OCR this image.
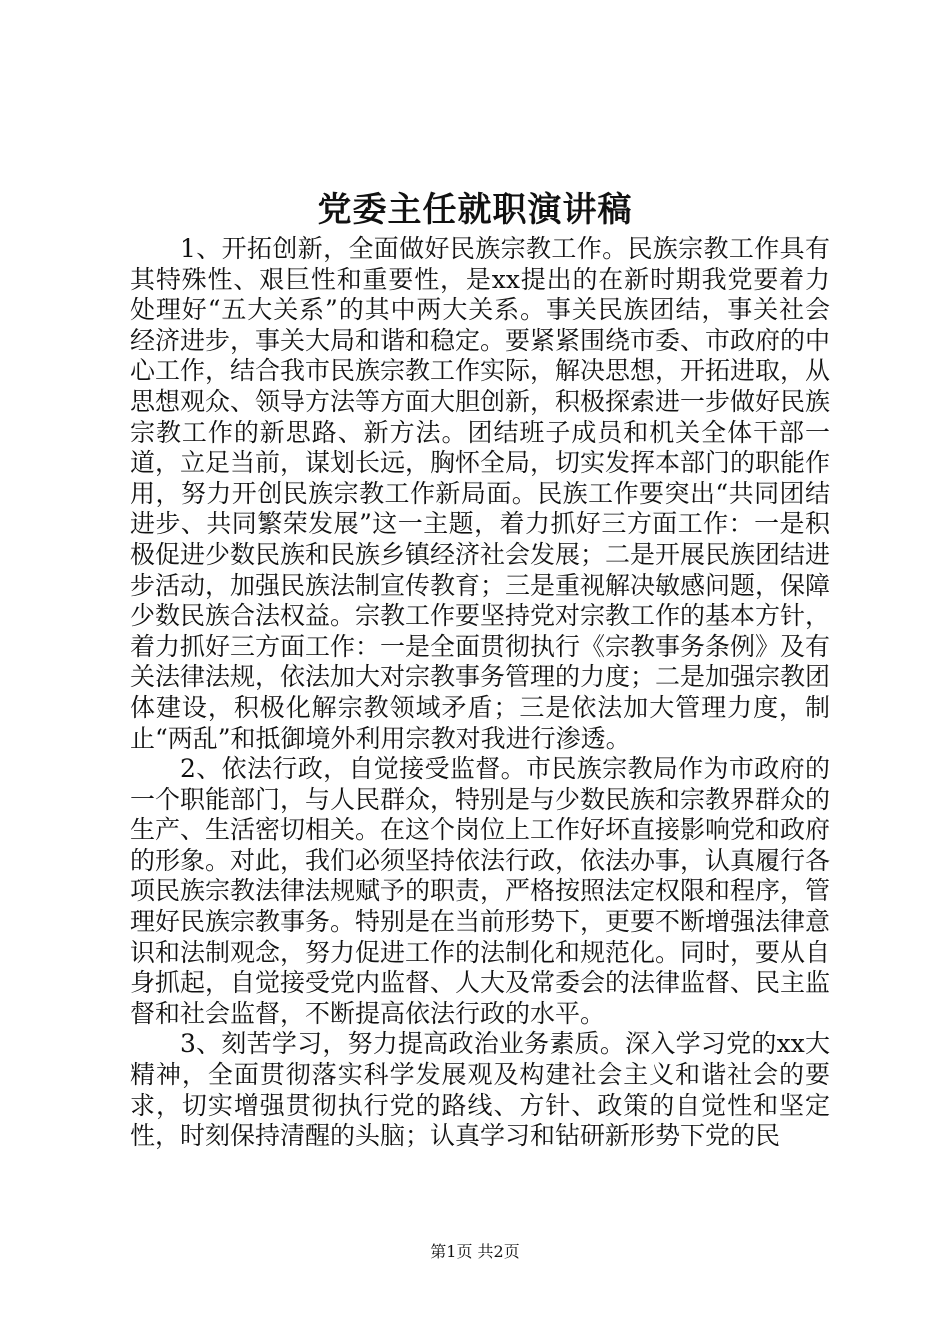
党委主任就职演讲稿

1、开拓创新，全面做好民族宗教工作。民族宗教工作具有其特殊性、艰巨性和重要性，是xx提出的在新时期我党要着力处理好“五大关系”的其中两大关系。事关民族团结，事关社会经济进步，事关大局和谐和稳定。要紧紧围绕市委、市政府的中心工作，结合我市民族宗教工作实际，解决思想，开拓进取，从思想观众、领导方法等方面大胆创新，积极探索进一步做好民族宗教工作的新思路、新方法。团结班子成员和机关全体干部一道，立足当前，谋划长远，胸怀全局，切实发挥本部门的职能作用，努力开创民族宗教工作新局面。民族工作要突出“共同团结进步、共同繁荣发展”这一主题，着力抓好三方面工作：一是积极促进少数民族和民族乡镇经济社会发展；二是开展民族团结进步活动，加强民族法制宣传教育；三是重视解决敏感问题，保障少数民族合法权益。宗教工作要坚持党对宗教工作的基本方针，着力抓好三方面工作：一是全面贯彻执行《宗教事务条例》及有关法律法规，依法加大对宗教事务管理的力度；二是加强宗教团体建设，积极化解宗教领域矛盾；三是依法加大管理力度，制止“两乱”和抵御境外利用宗教对我进行渗透。

2、依法行政，自觉接受监督。市民族宗教局作为市政府的一个职能部门，与人民群众，特别是与少数民族和宗教界群众的生产、生活密切相关。在这个岗位上工作好坏直接影响党和政府的形象。对此，我们必须坚持依法行政，依法办事，认真履行各项民族宗教法律法规赋予的职责，严格按照法定权限和程序，管理好民族宗教事务。特别是在当前形势下，更要不断增强法律意识和法制观念，努力促进工作的法制化和规范化。同时，要从自身抓起，自觉接受党内监督、人大及常委会的法律监督、民主监督和社会监督，不断提高依法行政的水平。

3、刻苦学习，努力提高政治业务素质。深入学习党的xx大精神，全面贯彻落实科学发展观及构建社会主义和谐社会的要求，切实增强贯彻执行党的路线、方针、政策的自觉性和坚定性，时刻保持清醒的头脑；认真学习和钻研新形势下党的民

第1页 共2页
